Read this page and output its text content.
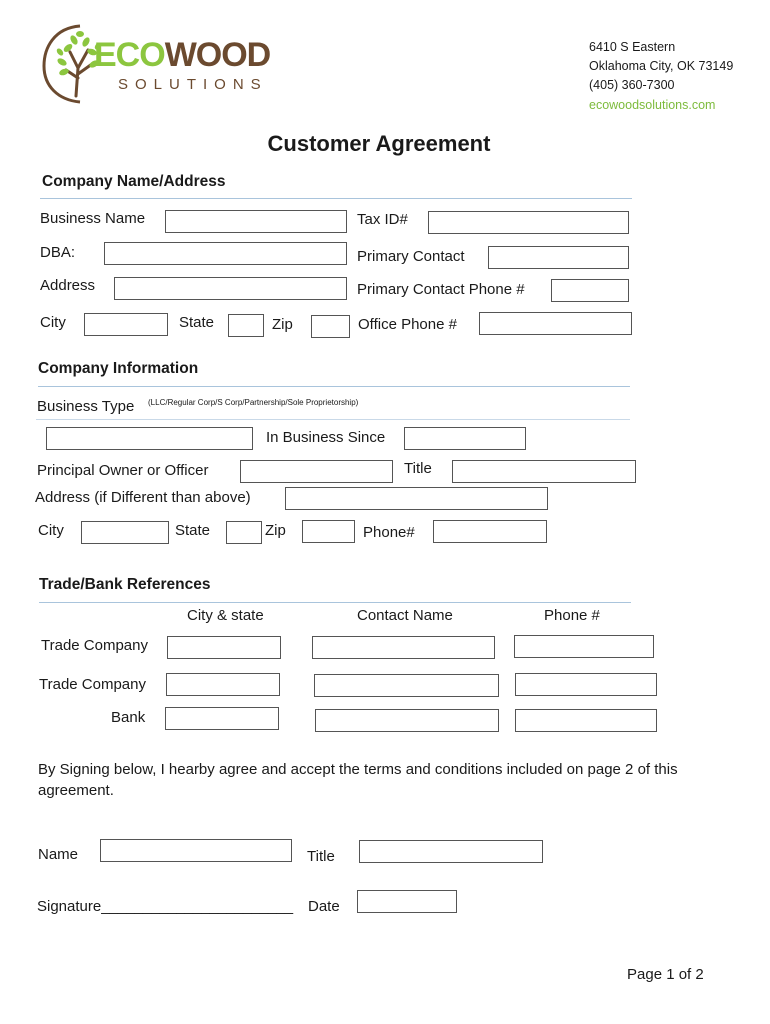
ECOWOOD
SOLUTIONS
6410 S Eastern
Oklahoma City, OK 73149
(405) 360-7300
ecowoodsolutions.com
Customer Agreement
Company Name/Address
Business Name	Tax ID#
DBA:	Primary Contact
Address	Primary Contact Phone #
City	State	Zip	Office Phone #
Company Information
Business Type (LLC/Regular Corp/S Corp/Partnership/Sole Proprietorship)
In Business Since
Principal Owner or Officer	Title
Address (if Different than above)
City	State	Zip	Phone#
Trade/Bank References
City & state	Contact Name	Phone #
Trade Company
Trade Company
Bank
By Signing below, I hearby agree and accept the terms and conditions included on page 2 of this agreement.
Name	Title
Signature_______________________ Date
Page 1 of 2
